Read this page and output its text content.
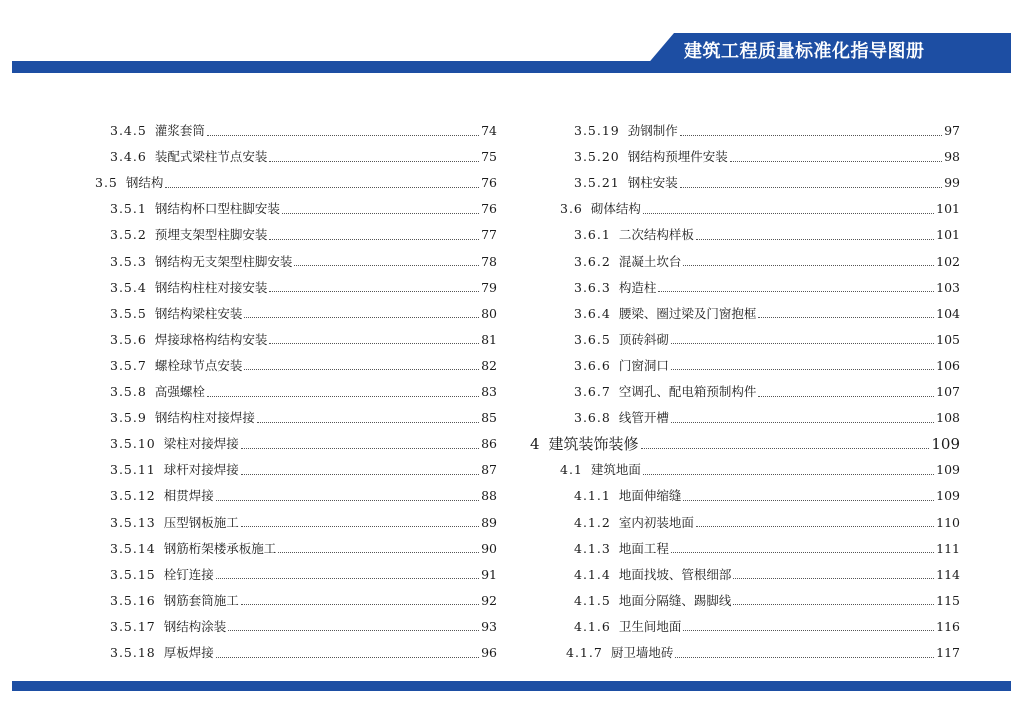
建筑工程质量标准化指导图册
3.4.5 灌浆套筒	74
3.4.6 装配式梁柱节点安装	75
3.5 钢结构	76
3.5.1 钢结构杯口型柱脚安装	76
3.5.2 预埋支架型柱脚安装	77
3.5.3 钢结构无支架型柱脚安装	78
3.5.4 钢结构柱柱对接安装	79
3.5.5 钢结构梁柱安装	80
3.5.6 焊接球格构结构安装	81
3.5.7 螺栓球节点安装	82
3.5.8 高强螺栓	83
3.5.9 钢结构柱对接焊接	85
3.5.10 梁柱对接焊接	86
3.5.11 球杆对接焊接	87
3.5.12 相贯焊接	88
3.5.13 压型钢板施工	89
3.5.14 钢筋桁架楼承板施工	90
3.5.15 栓钉连接	91
3.5.16 钢筋套筒施工	92
3.5.17 钢结构涂装	93
3.5.18 厚板焊接	96
3.5.19 劲钢制作	97
3.5.20 钢结构预埋件安装	98
3.5.21 钢柱安装	99
3.6 砌体结构	101
3.6.1 二次结构样板	101
3.6.2 混凝土坎台	102
3.6.3 构造柱	103
3.6.4 腰梁、圈过梁及门窗抱框	104
3.6.5 顶砖斜砌	105
3.6.6 门窗洞口	106
3.6.7 空调孔、配电箱预制构件	107
3.6.8 线管开槽	108
4 建筑装饰装修	109
4.1 建筑地面	109
4.1.1 地面伸缩缝	109
4.1.2 室内初装地面	110
4.1.3 地面工程	111
4.1.4 地面找坡、管根细部	114
4.1.5 地面分隔缝、踢脚线	115
4.1.6 卫生间地面	116
4.1.7 厨卫墙地砖	117
